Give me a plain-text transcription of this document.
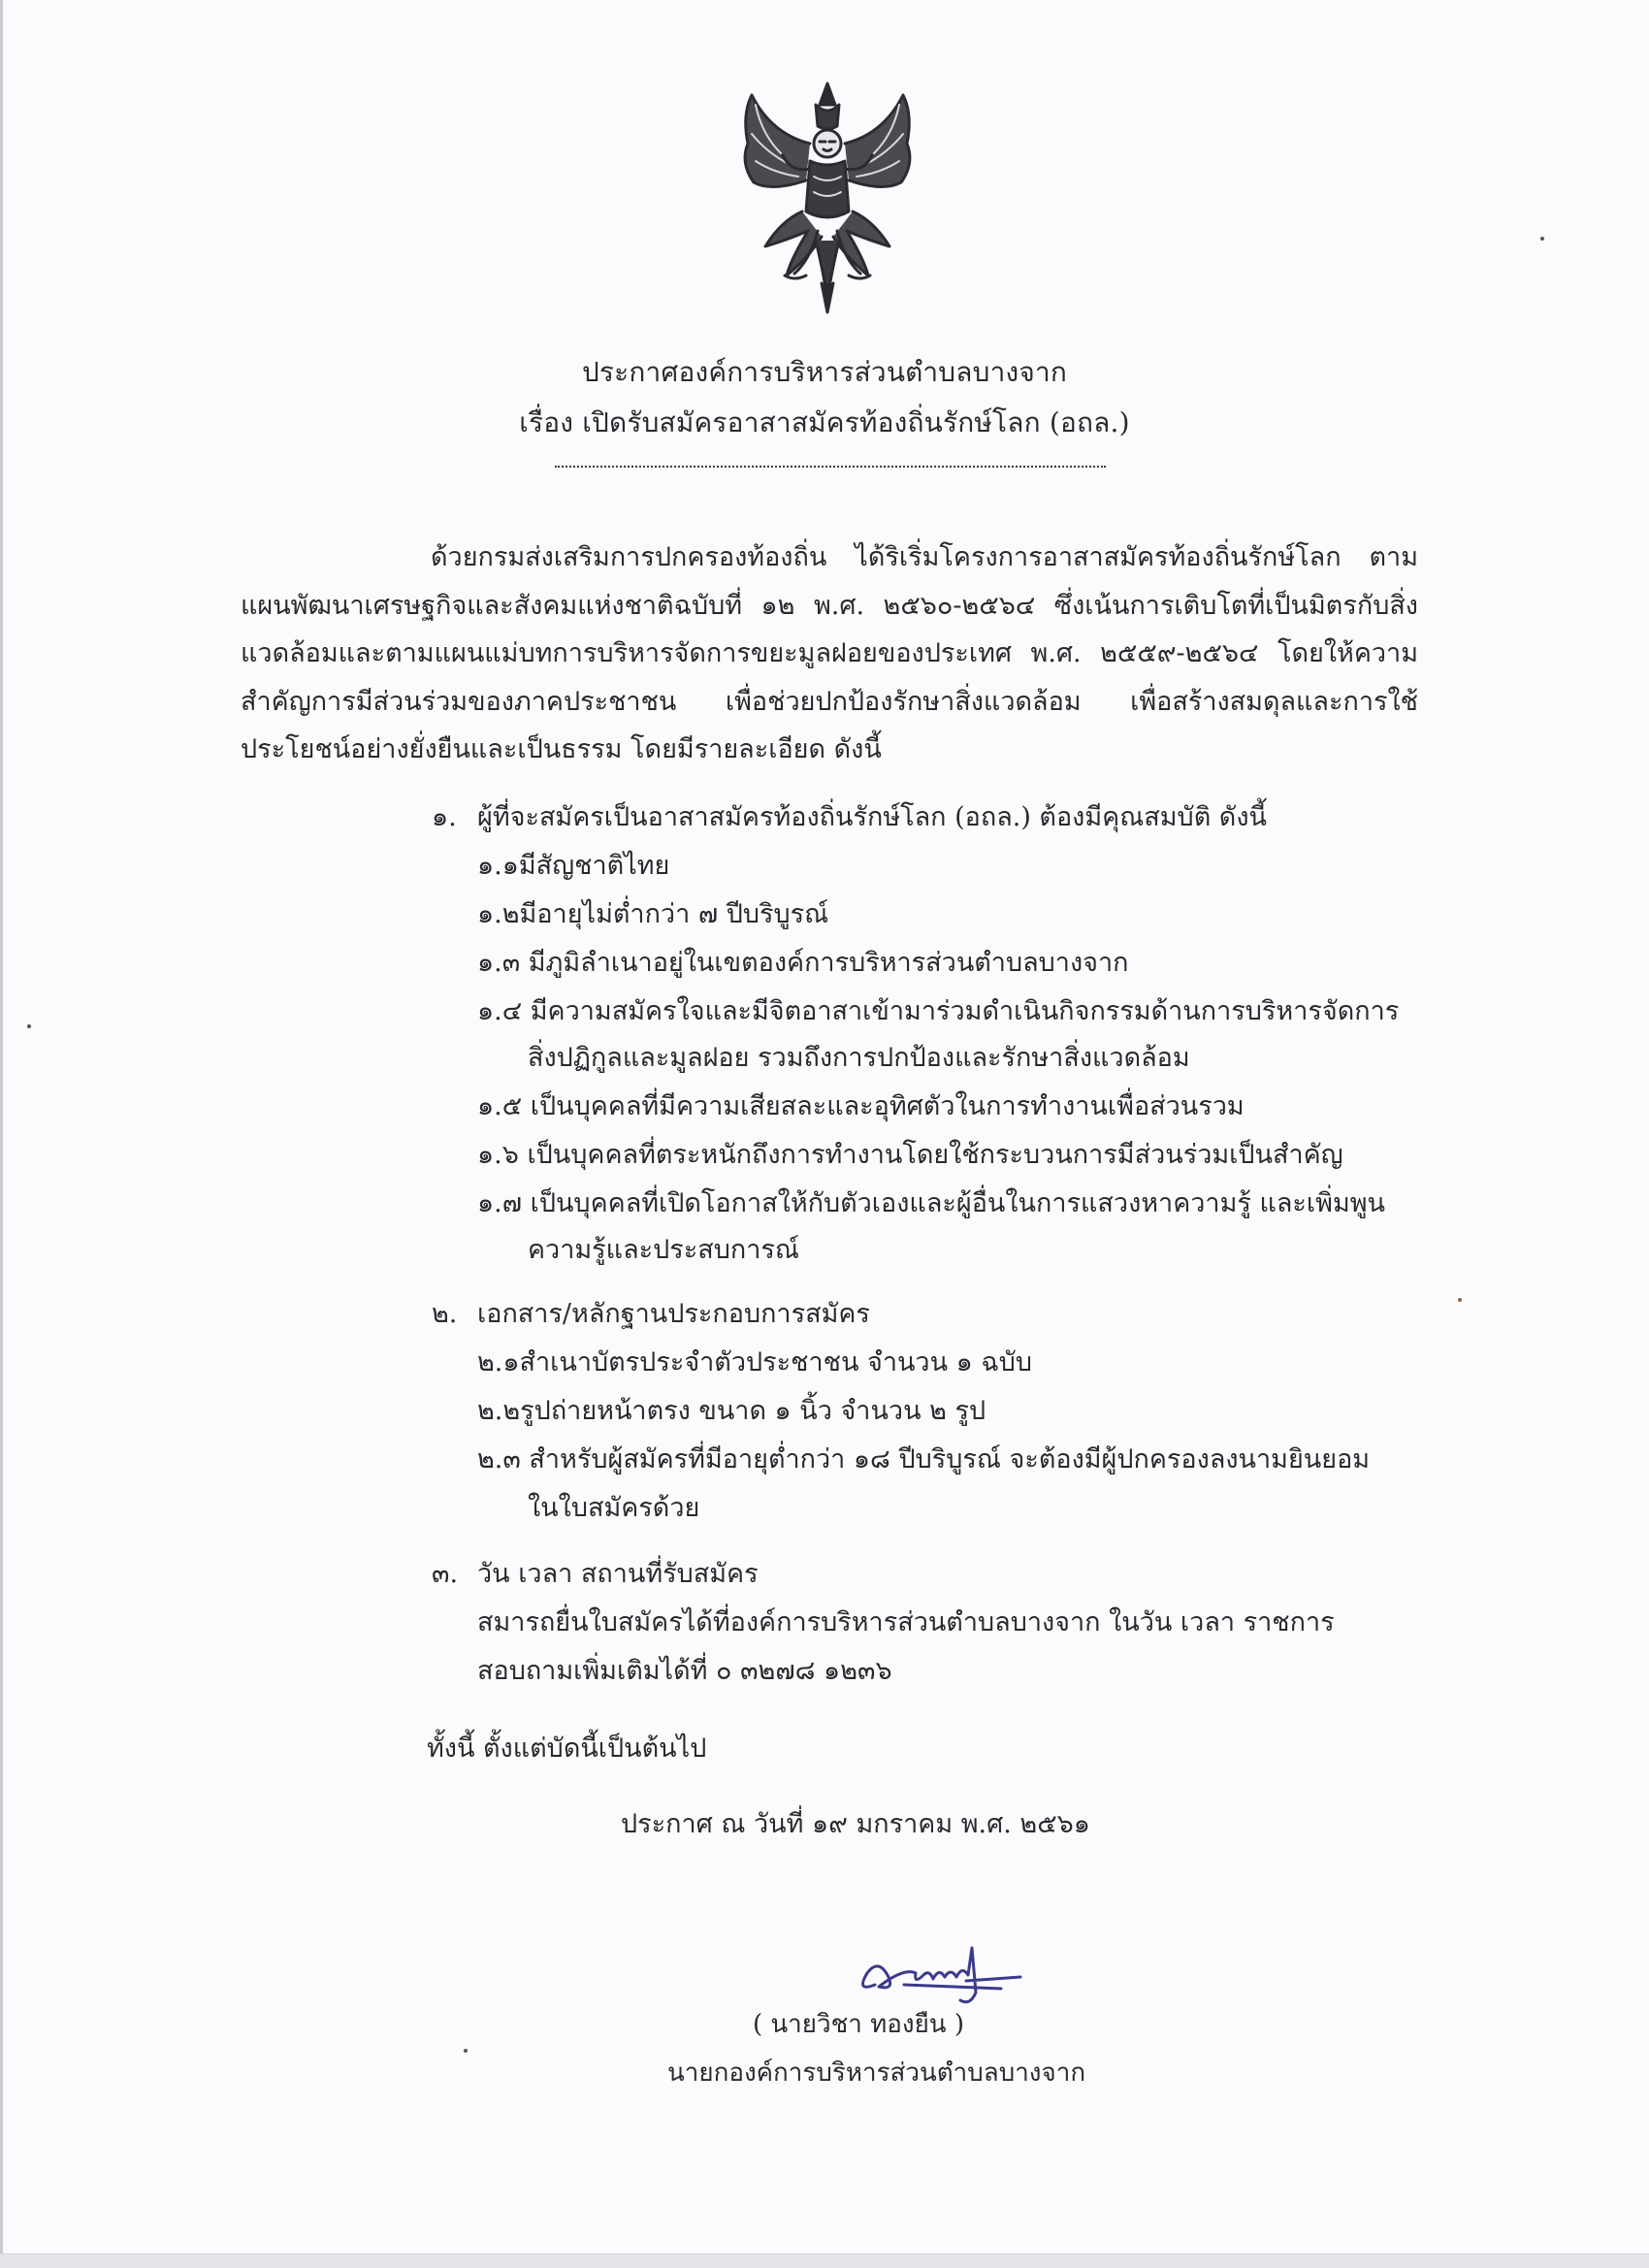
ประกาศองค์การบริหารส่วนตำบลบางจาก
เรื่อง เปิดรับสมัครอาสาสมัครท้องถิ่นรักษ์โลก (อถล.)

ด้วยกรมส่งเสริมการปกครองท้องถิ่น ได้ริเริ่มโครงการอาสาสมัครท้องถิ่นรักษ์โลก ตามแผนพัฒนาเศรษฐกิจและสังคมแห่งชาติฉบับที่ ๑๒ พ.ศ. ๒๕๖๐-๒๕๖๔ ซึ่งเน้นการเติบโตที่เป็นมิตรกับสิ่งแวดล้อมและตามแผนแม่บทการบริหารจัดการขยะมูลฝอยของประเทศ พ.ศ. ๒๕๕๙-๒๕๖๔ โดยให้ความสำคัญการมีส่วนร่วมของภาคประชาชน เพื่อช่วยปกป้องรักษาสิ่งแวดล้อม เพื่อสร้างสมดุลและการใช้ประโยชน์อย่างยั่งยืนและเป็นธรรม โดยมีรายละเอียด ดังนี้

๑. ผู้ที่จะสมัครเป็นอาสาสมัครท้องถิ่นรักษ์โลก (อถล.) ต้องมีคุณสมบัติ ดังนี้
๑.๑มีสัญชาติไทย
๑.๒มีอายุไม่ต่ำกว่า ๗ ปีบริบูรณ์
๑.๓ มีภูมิลำเนาอยู่ในเขตองค์การบริหารส่วนตำบลบางจาก
๑.๔ มีความสมัครใจและมีจิตอาสาเข้ามาร่วมดำเนินกิจกรรมด้านการบริหารจัดการ
สิ่งปฏิกูลและมูลฝอย รวมถึงการปกป้องและรักษาสิ่งแวดล้อม
๑.๕ เป็นบุคคลที่มีความเสียสละและอุทิศตัวในการทำงานเพื่อส่วนรวม
๑.๖ เป็นบุคคลที่ตระหนักถึงการทำงานโดยใช้กระบวนการมีส่วนร่วมเป็นสำคัญ
๑.๗ เป็นบุคคลที่เปิดโอกาสให้กับตัวเองและผู้อื่นในการแสวงหาความรู้ และเพิ่มพูน
ความรู้และประสบการณ์
๒. เอกสาร/หลักฐานประกอบการสมัคร
๒.๑สำเนาบัตรประจำตัวประชาชน จำนวน ๑ ฉบับ
๒.๒รูปถ่ายหน้าตรง ขนาด ๑ นิ้ว จำนวน ๒ รูป
๒.๓ สำหรับผู้สมัครที่มีอายุต่ำกว่า ๑๘ ปีบริบูรณ์ จะต้องมีผู้ปกครองลงนามยินยอม
ในใบสมัครด้วย
๓. วัน เวลา สถานที่รับสมัคร
สมารถยื่นใบสมัครได้ที่องค์การบริหารส่วนตำบลบางจาก ในวัน เวลา ราชการ
สอบถามเพิ่มเติมได้ที่ ๐ ๓๒๗๘ ๑๒๓๖
ทั้งนี้ ตั้งแต่บัดนี้เป็นต้นไป
ประกาศ ณ วันที่ ๑๙ มกราคม พ.ศ. ๒๕๖๑
( นายวิชา ทองยืน )
นายกองค์การบริหารส่วนตำบลบางจาก
